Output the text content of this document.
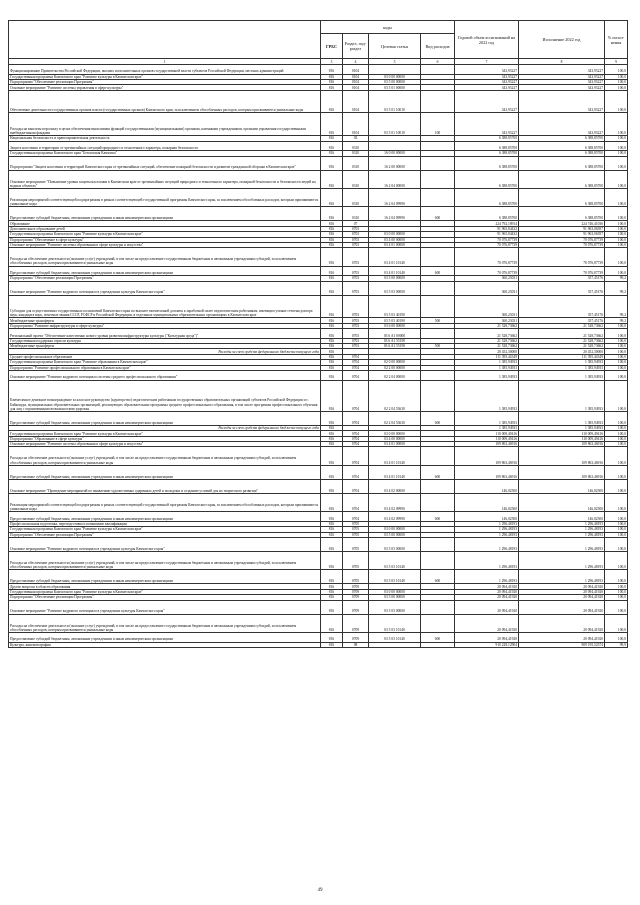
	коды				Годовой объем ассигнований на 2022 год	Исполнение 2022 год	% испол-нения
	ГРБС	Раздел, под-раздел	Целевая статья	Вид расходов			
1	3	4	5	6	7	8	9
Функционирование Правительства Российской Федерации, высших исполнительных органов государственной власти субъектов Российской Федерации, местных администраций	816	0104			343,93227	343,93227	100,0
Государственная программа Камчатского края "Развитие культуры в Камчатском крае"	816	0104	03 0 00 00000		343,93227	343,93227	100,0
Подпрограмма "Обеспечение реализации Программы"	816	0104	03 5 00 00000		343,93227	343,93227	100,0
Основное мероприятие "Развитие системы управления в сфере культуры"	816	0104	03 5 01 00000		343,93227	343,93227	100,0
Обеспечение деятельности государственных органов власти (государственных органов) Камчатского края, за исключением обособленных расходов, которым присваиваются уникальные коды	816	0104	03 5 01 10010		343,93227	343,93227	100,0
Расходы на выплаты персоналу в целях обеспечения выполнения функций государственными (муниципальными) органами, казенными учреждениями, органами управления государственными внебюджетными фондами	816	0104	03 5 01 10010	100	343,93227	343,93227	100,0
Национальная безопасность и правоохранительная деятельность	816	03			6 388,85700	6 388,85700	100,0
Защита населения и территории от чрезвычайных ситуаций природного и техногенного характера, пожарная безопасность	816	0310			6 388,85700	6 388,85700	100,0
Государственная программа Камчатского края "Безопасная Камчатка"	816	0310	16 0 00 00000		6 388,85700	6 388,85700	100,0
Подпрограмма "Защита населения и территорий Камчатского края от чрезвычайных ситуаций, обеспечение пожарной безопасности и развитие гражданской обороны в Камчатском крае"	816	0310	16 2 00 00000		6 388,85700	6 388,85700	100,0
Основное мероприятие "Повышение уровня защиты населения в Камчатском крае от чрезвычайных ситуаций природного и техногенного характера, пожарной безопасности и безопасности людей на водных объектах"	816	0310	16 2 04 00000		6 388,85700	6 388,85700	100,0
Реализация мероприятий соответствующей подпрограммы в рамках соответствующей государственной программы Камчатского края, за исключением обособленных расходов, которым присваиваются уникальные коды	816	0310	16 2 04 09990		6 388,85700	6 388,85700	100,0
Предоставление субсидий бюджетным, автономным учреждениям и иным некоммерческим организациям	816	0310	16 2 04 09990	600	6 388,85700	6 388,85700	100,0
Образование	816	07			224 792,18914	224 746,41036	100,0
Дополнительное образование детей	816	0703			91 965,84432	91 963,06397	100,0
Государственная программа Камчатского края "Развитие культуры в Камчатском крае"	816	0703	03 0 00 00000		91 965,84432	91 963,06397	100,0
Подпрограмма "Обеспечение в сфере культуры"	816	0703	03 4 00 00000		70 076,87739	70 076,87739	100,0
Основное мероприятие "Развитие системы образования в сфере культуры и искусства"	816	0703	03 4 01 00000		70 076,87739	70 076,87739	100,0
Расходы на обеспечение деятельности (оказание услуг) учреждений, в том числе на предоставление государственным бюджетным и автономным учреждениям субсидий, за исключением обособленных расходов, которым присваиваются уникальные коды	816	0703	03 4 01 10140		70 076,87739	70 076,87739	100,0
Предоставление субсидий бюджетным, автономным учреждениям и иным некоммерческим организациям	816	0703	03 4 01 10140	600	70 076,87739	70 076,87739	100,0
Подпрограмма "Обеспечение реализации Программы"	816	0703	03 5 00 00000		360,23031	357,45176	99,2
Основное мероприятие "Развитие кадрового потенциала в учреждениях культуры Камчатского края"	816	0703	03 5 03 00000		360,23031	357,45176	99,2
Субсидии для осуществления государственных полномочий Камчатского края по выплате ежемесячной доплаты к заработной плате педагогическим работникам, имеющим ученые степени доктора наук, кандидата наук, почетные звания СССР, РСФСР и Российской Федерации, в отдельных муниципальных образовательных организациях в Камчатском крае	816	0703	03 5 03 40190		360,23031	357,45176	99,2
Межбюджетные трансферты	816	0703	03 5 03 40190	500	360,23031	357,45176	99,2
Подпрограмма "Развитие инфраструктуры в сфере культуры"	816	0703	03 6 00 00000		21 528,73662	21 528,73662	100,0
Региональный проект "Обеспечение качественно нового уровня развития инфраструктуры культуры ("Культурная среда")"	816	0703	03 6 A1 00000		21 528,73662	21 528,73662	100,0
Государственная поддержка отрасли культуры	816	0703	03 6 A1 55190		21 528,73662	21 528,73662	100,0
Межбюджетные трансферты	816	0703	03 6 A1 55190	500	21 528,73662	21 528,73662	100,0
Расходы за счет средств федерального бюджета текущего года	816				20 452,30000	20 452,30000	100,0
Среднее профессиональное образование	816	0704			111 395,44349	111 395,44349	100,0
Государственная программа Камчатского края "Развитие образования в Камчатском крае"	816	0704	02 0 00 00000		1 385,94933	1 385,94933	100,0
Подпрограмма "Развитие профессионального образования в Камчатском крае"	816	0704	02 2 00 00000		1 385,94933	1 385,94933	100,0
Основное мероприятие "Развитие кадрового потенциала системы среднего профессионального образования"	816	0704	02 2 04 00000		1 385,94933	1 385,94933	100,0
Ежемесячное денежное вознаграждение за классное руководство (кураторство) педагогическим работникам государственных образовательных организаций субъектов Российской Федерации и г. Байконура, муниципальных образовательных организаций, реализующих образовательные программы среднего профессионального образования, в том числе программы профессионального обучения для лиц с ограниченными возможностями здоровья	816	0704	02 2 04 53630		1 385,94933	1 385,94933	100,0
Предоставление субсидий бюджетным, автономным учреждениям и иным некоммерческим организациям	816	0704	02 2 04 53630	600	1 385,94933	1 385,94933	100,0
Расходы за счет средств федерального бюджета текущего года	816				1 385,94933	1 385,94933	100,0
Государственная программа Камчатского края "Развитие культуры в Камчатском крае"	816	0704	03 0 00 00000		110 009,49416	110 009,49416	100,0
Подпрограмма "Образование в сфере культуры"	816	0704	03 4 00 00000		110 009,49416	110 009,49416	100,0
Основное мероприятие "Развитие системы образования в сфере культуры и искусства"	816	0704	03 4 01 00000		109 863,46916	109 863,46916	100,0
Расходы на обеспечение деятельности (оказание услуг) учреждений, в том числе на предоставление государственным бюджетным и автономным учреждениям субсидий, за исключением обособленных расходов, которым присваиваются уникальные коды	816	0704	03 4 01 10140		109 863,46916	109 863,46916	100,0
Предоставление субсидий бюджетным, автономным учреждениям и иным некоммерческим организациям	816	0704	03 4 01 10140	600	109 863,46916	109 863,46916	100,0
Основное мероприятие "Проведение мероприятий по выявлению художественно одаренных детей и молодежи и созданию условий для их творческого развития"	816	0704	03 4 02 00000		146,02500	146,02500	100,0
Реализация мероприятий соответствующей подпрограммы в рамках соответствующей государственной программы Камчатского края, за исключением обособленных расходов, которым присваиваются уникальные коды	816	0704	03 4 02 09990		146,02500	146,02500	100,0
Предоставление субсидий бюджетным, автономным учреждениям и иным некоммерческим организациям	816	0704	03 4 02 09990	600	146,02500	146,02500	100,0
Профессиональная подготовка, переподготовка и повышение квалификации	816	0705			1 296,48193	1 296,48193	100,0
Государственная программа Камчатского края "Развитие культуры в Камчатском крае"	816	0705	03 0 00 00000		1 296,48193	1 296,48193	100,0
Подпрограмма "Обеспечение реализации Программы"	816	0705	03 5 00 00000		1 296,48193	1 296,48193	100,0
Основное мероприятие "Развитие кадрового потенциала в учреждениях культуры Камчатского края"	816	0705	03 5 03 00000		1 296,48193	1 296,48193	100,0
Расходы на обеспечение деятельности (оказание услуг) учреждений, в том числе на предоставление государственным бюджетным и автономным учреждениям субсидий, за исключением обособленных расходов, которым присваиваются уникальные коды	816	0705	03 5 03 10140		1 296,48193	1 296,48193	100,0
Предоставление субсидий бюджетным, автономным учреждениям и иным некоммерческим организациям	816	0705	03 5 03 10140	600	1 296,48193	1 296,48193	100,0
Другие вопросы в области образования	816	0709			20 094,41920	20 094,41920	100,0
Государственная программа Камчатского края "Развитие культуры в Камчатском крае"	816	0709	03 0 00 00000		20 094,41920	20 094,41920	100,0
Подпрограмма "Обеспечение реализации Программы"	816	0709	03 5 00 00000		20 094,41920	20 094,41920	100,0
Основное мероприятие "Развитие кадрового потенциала в учреждениях культуры Камчатского края"	816	0709	03 5 03 00000		20 094,41920	20 094,41920	100,0
Расходы на обеспечение деятельности (оказание услуг) учреждений, в том числе на предоставление государственным бюджетным и автономным учреждениям субсидий, за исключением обособленных расходов, которым присваиваются уникальные коды	816	0709	03 5 03 10140		20 094,41920	20 094,41920	100,0
Предоставление субсидий бюджетным, автономным учреждениям и иным некоммерческим организациям	816	0709	03 5 03 10140	600	20 094,41920	20 094,41920	100,0
Культура, кинематография	816	08			910 228,12904	909 195,52374	99,9
49
